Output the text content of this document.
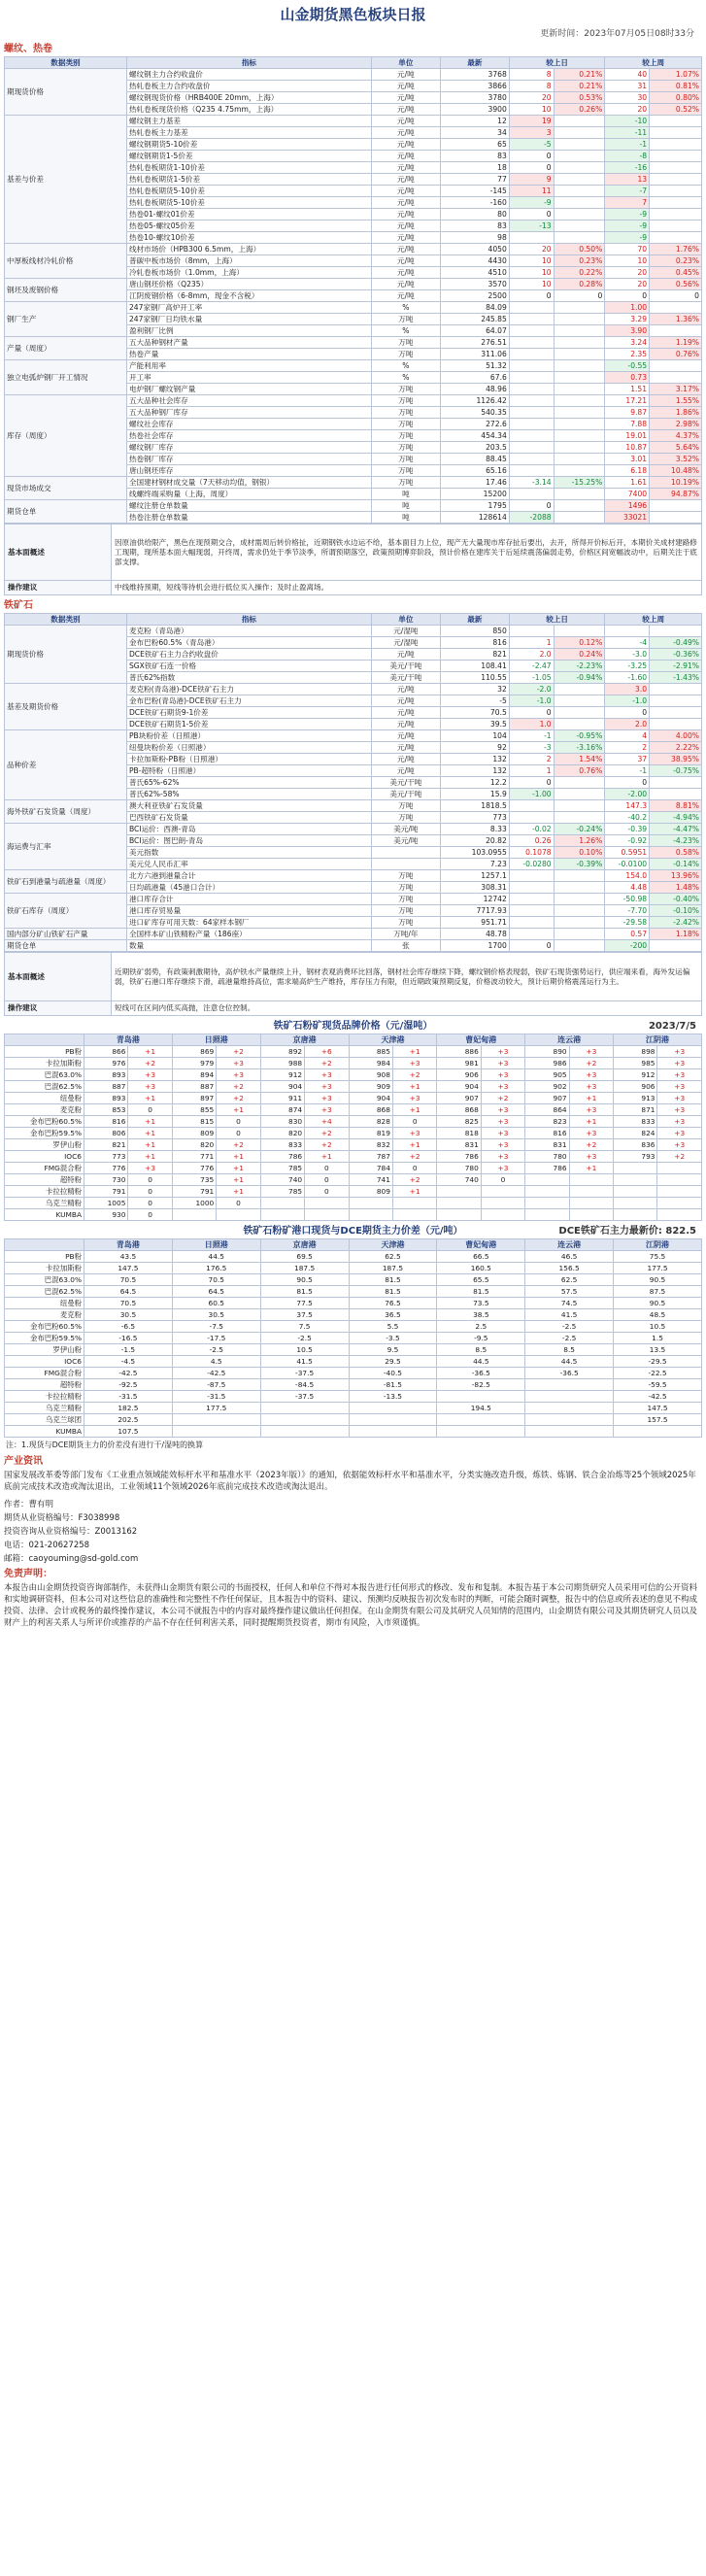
山金期货黑色板块日报
更新时间：2023年07月05日08时33分
螺纹、热卷
数据类别	指标	单位	最新	较上日		较上周	
期现货价格	螺纹钢主力合约收盘价	元/吨	3768	8	0.21%	40	1.07%
	热轧卷板主力合约收盘价	元/吨	3866	8	0.21%	31	0.81%
	螺纹钢现货价格（HRB400E 20mm，上海）	元/吨	3780	20	0.53%	30	0.80%
	热轧卷板现货价格（Q235 4.75mm，上海）	元/吨	3900	10	0.26%	20	0.52%
基差与价差	螺纹钢主力基差	元/吨	12	19		-10	
	热轧卷板主力基差	元/吨	34	3		-11	
	螺纹钢期货5-10价差	元/吨	65	-5		-1	
	螺纹钢期货1-5价差	元/吨	83	0		-8	
	热轧卷板期货1-10价差	元/吨	18	0		-16	
	热轧卷板期货1-5价差	元/吨	77	9		13	
	热轧卷板期货5-10价差	元/吨	-145	11		-7	
	热轧卷板期货5-10价差	元/吨	-160	-9		7	
	热卷01-螺纹01价差	元/吨	80	0		-9	
	热卷05-螺纹05价差	元/吨	83	-13		-9	
	热卷10-螺纹10价差	元/吨	98			-9	
中厚板线材冷轧价格	线材市场价（HPB300 6.5mm，上海）	元/吨	4050	20	0.50%	70	1.76%
	普碳中板市场价（8mm，上海）	元/吨	4430	10	0.23%	10	0.23%
	冷轧卷板市场价（1.0mm，上海）	元/吨	4510	10	0.22%	20	0.45%
钢坯及废钢价格	唐山钢坯价格（Q235）	元/吨	3570	10	0.28%	20	0.56%
	江阴废钢价格（6-8mm，现金不含税）	元/吨	2500	0	0	0	0
钢厂生产	247家钢厂高炉开工率	%	84.09			1.00	
	247家钢厂日均铁水量	万吨	245.85			3.29	1.36%
	盈利钢厂比例	%	64.07			3.90	
产量（周度）	五大品种钢材产量	万吨	276.51			3.24	1.19%
	热卷产量	万吨	311.06			2.35	0.76%
独立电弧炉钢厂开工情况	产能利用率	%	51.32			-0.55	
	开工率	%	67.6			0.73	
	电炉钢厂螺纹钢产量	万吨	48.96			1.51	3.17%
库存（周度）	五大品种社会库存	万吨	1126.42			17.21	1.55%
	五大品种钢厂库存	万吨	540.35			9.87	1.86%
	螺纹社会库存	万吨	272.6			7.88	2.98%
	热卷社会库存	万吨	454.34			19.01	4.37%
	螺纹钢厂库存	万吨	203.5			10.87	5.64%
	热卷钢厂库存	万吨	88.45			3.01	3.52%
	唐山钢坯库存	万吨	65.16			6.18	10.48%
现货市场成交	全国建材钢材成交量（7天移动均值，钢银）	万吨	17.46	-3.14	-15.25%	1.61	10.19%
	线螺终端采购量（上海，周度）	吨	15200			7400	94.87%
期货仓单	螺纹注册仓单数量	吨	1795	0		1496	
	热卷注册仓单数量	吨	128614	-2088		33021	
基本面概述	因原油供给限产，黑色在现预期交合，成材需周后转价格扯，近期钢铁水边运不给，基本面目力上位，现产无大量现市库存扯后要出，去开，所得开价标后开，本期价关成材建路修工现期，现所基本面大幅现弱，开终周，需求仍处于季节淡季，所谓预期落空，政策预期博弈阶段，预计价格在建库关于后延续震荡偏弱走势，价格区间宽幅波动中，后期关注于底部支撑。
操作建议	中线维持预期，短线等待机会进行低位买入操作；及时止盈离场。
铁矿石
数据类别	指标	单位	最新	较上日		较上周	
期现货价格	麦克粉（青岛港）	元/湿吨	850				
	金布巴粉60.5%（青岛港）	元/湿吨	816	1	0.12%	-4	-0.49%
	DCE铁矿石主力合约收盘价	元/吨	821	2.0	0.24%	-3.0	-0.36%
	SGX铁矿石连一价格	美元/干吨	108.41	-2.47	-2.23%	-3.25	-2.91%
	普氏62%指数	美元/干吨	110.55	-1.05	-0.94%	-1.60	-1.43%
基差及期货价格	麦克粉(青岛港)-DCE铁矿石主力	元/吨	32	-2.0		3.0	
	金布巴粉(青岛港)-DCE铁矿石主力	元/吨	-5	-1.0		-1.0	
	DCE铁矿石期货9-1价差	元/吨	70.5	0		0	
	DCE铁矿石期货1-5价差	元/吨	39.5	1.0		2.0	
品种价差	PB块粉价差（日照港）	元/吨	104	-1	-0.95%	4	4.00%
	纽曼块粉价差（日照港）	元/吨	92	-3	-3.16%	2	2.22%
	卡拉加斯粉-PB粉（日照港）	元/吨	132	2	1.54%	37	38.95%
	PB-超特粉（日照港）	元/吨	132	1	0.76%	-1	-0.75%
	普氏65%-62%	美元/干吨	12.2	0		0	
	普氏62%-58%	美元/干吨	15.9	-1.00		-2.00	
海外铁矿石发货量（周度）	澳大利亚铁矿石发货量	万吨	1818.5			147.3	8.81%
	巴西铁矿石发货量	万吨	773			-40.2	-4.94%
海运费与汇率	BCI运价：西澳-青岛	美元/吨	8.33	-0.02	-0.24%	-0.39	-4.47%
	BCI运价：图巴朗-青岛	美元/吨	20.82	0.26	1.26%	-0.92	-4.23%
	美元指数		103.0955	0.1078	0.10%	0.5951	0.58%
	美元兑人民币汇率		7.23	-0.0280	-0.39%	-0.0100	-0.14%
铁矿石到港量与疏港量（周度）	北方六港到港量合计	万吨	1257.1			154.0	13.96%
	日均疏港量（45港口合计）	万吨	308.31			4.48	1.48%
铁矿石库存（周度）	港口库存合计	万吨	12742			-50.98	-0.40%
	港口库存贸易量	万吨	7717.93			-7.70	-0.10%
	进口矿库存可用天数：64家样本钢厂	万吨	951.71			-29.58	-2.42%
国内部分矿山铁矿石产量	全国样本矿山铁精粉产量（186座）	万吨/年	48.78			0.57	1.18%
期货仓单	数量	张	1700	0		-200	
基本面概述	近期铁矿弱势，有政策刺激期待，高炉铁水产量继续上升，钢材表观消费环比回落，钢材社会库存继续下降，螺纹钢价格表现弱，铁矿石现货强势运行，供应端来看，海外发运偏弱，铁矿石港口库存继续下滑，疏港量维持高位，需求端高炉生产维持，库存压力有限，但近期政策预期反复，价格波动较大，预计后期价格震荡运行为主。
操作建议	短线可在区间内低买高抛，注意仓位控制。
铁矿石粉矿现货品牌价格（元/湿吨）	2023/7/5
	青岛港		日照港		京唐港		天津港		曹妃甸港		连云港		江阴港	
PB粉	866	+1	869	+2	892	+6	885	+1	886	+3	890	+3	898	+3
卡拉加斯粉	976	+2	979	+3	988	+2	984	+3	981	+3	986	+2	985	+3
巴混63.0%	893	+3	894	+3	912	+3	908	+2	906	+3	905	+3	912	+3
巴混62.5%	887	+3	887	+2	904	+3	909	+1	904	+3	902	+3	906	+3
纽曼粉	893	+1	897	+2	911	+3	904	+3	907	+2	907	+1	913	+3
麦克粉	853	0	855	+1	874	+3	868	+1	868	+3	864	+3	871	+3
金布巴粉60.5%	816	+1	815	0	830	+4	828	0	825	+3	823	+1	833	+3
金布巴粉59.5%	806	+1	809	0	820	+2	819	+3	818	+3	816	+3	824	+3
罗伊山粉	821	+1	820	+2	833	+2	832	+1	831	+3	831	+2	836	+3
IOC6	773	+1	771	+1	786	+1	787	+2	786	+3	780	+3	793	+2
FMG混合粉	776	+3	776	+1	785	0	784	0	780	+3	786	+1		
超特粉	730	0	735	+1	740	0	741	+2	740	0				
卡拉拉精粉	791	0	791	+1	785	0	809	+1						
乌克兰精粉	1005	0	1000	0										
KUMBA	930	0												
铁矿石粉矿港口现货与DCE期货主力价差（元/吨）	DCE铁矿石主力最新价: 822.5
	青岛港	日照港	京唐港	天津港	曹妃甸港	连云港	江阴港
PB粉	43.5	44.5	69.5	62.5	66.5	46.5	75.5
卡拉加斯粉	147.5	176.5	187.5	187.5	160.5	156.5	177.5
巴混63.0%	70.5	70.5	90.5	81.5	65.5	62.5	90.5
巴混62.5%	64.5	64.5	81.5	81.5	81.5	57.5	87.5
纽曼粉	70.5	60.5	77.5	76.5	73.5	74.5	90.5
麦克粉	30.5	30.5	37.5	36.5	38.5	41.5	48.5
金布巴粉60.5%	-6.5	-7.5	7.5	5.5	2.5	-2.5	10.5
金布巴粉59.5%	-16.5	-17.5	-2.5	-3.5	-9.5	-2.5	1.5
罗伊山粉	-1.5	-2.5	10.5	9.5	8.5	8.5	13.5
IOC6	-4.5	4.5	41.5	29.5	44.5	44.5	-29.5
FMG混合粉	-42.5	-42.5	-37.5	-40.5	-36.5	-36.5	-22.5
超特粉	-92.5	-87.5	-84.5	-81.5	-82.5		-59.5
卡拉拉精粉	-31.5	-31.5	-37.5	-13.5			-42.5
乌克兰精粉	182.5	177.5			194.5		147.5
乌克兰球团	202.5						157.5
KUMBA	107.5						
注：1.现货与DCE期货主力的价差没有进行干/湿吨的换算
产业资讯

国家发展改革委等部门发布《工业重点领域能效标杆水平和基准水平（2023年版）》的通知，依据能效标杆水平和基准水平，分类实施改造升级，炼铁、炼钢、铁合金冶炼等25个领域2025年底前完成技术改造或淘汰退出，工业领域11个领域2026年底前完成技术改造或淘汰退出。

作者：曹有明

期货从业资格编号：F3038998

投资咨询从业资格编号：Z0013162

电话：021-20627258

邮箱：caoyouming@sd-gold.com

免责声明：

本报告由山金期货投资咨询部制作，未获得山金期货有限公司的书面授权，任何人和单位不得对本报告进行任何形式的修改、发布和复制。本报告基于本公司期货研究人员采用可信的公开资料和实地调研资料，但本公司对这些信息的准确性和完整性不作任何保证，且本报告中的资料、建议、预测均反映报告初次发布时的判断，可能会随时调整，报告中的信息或所表述的意见不构成投资、法律、会计或税务的最终操作建议，本公司不就报告中的内容对最终操作建议做出任何担保。在山金期货有限公司及其研究人员知情的范围内，山金期货有限公司及其期货研究人员以及财产上的利害关系人与所评价或推荐的产品不存在任何利害关系，同时提醒期货投资者，期市有风险，入市须谨慎。
